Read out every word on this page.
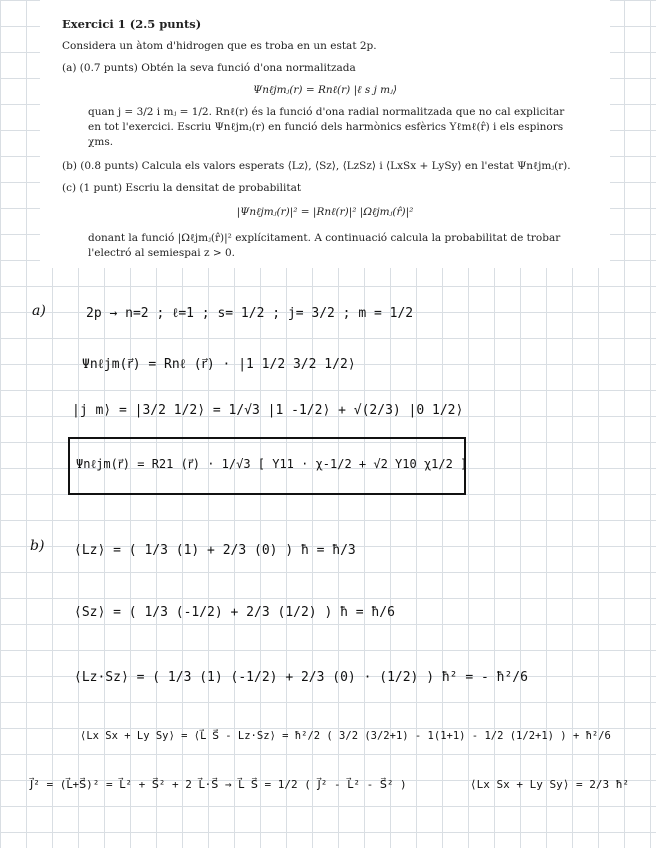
Exercici 1 (2.5 punts)
Considera un àtom d'hidrogen que es troba en un estat 2p.
(a) (0.7 punts) Obtén la seva funció d'ona normalitzada
Ψnℓjmⱼ(r) = Rnℓ(r) |ℓ s j mⱼ⟩
quan j = 3/2 i mⱼ = 1/2. Rnℓ(r) és la funció d'ona radial normalitzada que no cal explicitar
en tot l'exercici. Escriu Ψnℓjmⱼ(r) en funció dels harmònics esfèrics Yℓmℓ(r̂) i els espinors
χms.
(b) (0.8 punts) Calcula els valors esperats ⟨Lz⟩, ⟨Sz⟩, ⟨LzSz⟩ i ⟨LxSx + LySy⟩ en l'estat Ψnℓjmⱼ(r).
(c) (1 punt) Escriu la densitat de probabilitat
|Ψnℓjmⱼ(r)|² = |Rnℓ(r)|² |Ωℓjmⱼ(r̂)|²
donant la funció |Ωℓjmⱼ(r̂)|² explícitament. A continuació calcula la probabilitat de trobar
l'electró al semiespai z > 0.
a)	2p → n=2 ; ℓ=1 ; s= 1/2 ; j= 3/2 ; m = 1/2
Ψnℓjm(r⃗) = Rnℓ (r⃗) · |1 1/2 3/2 1/2⟩
|j m⟩ = |3/2 1/2⟩ = 1/√3 |1 -1/2⟩ + √(2/3) |0 1/2⟩
Ψnℓjm(r⃗) = R21 (r⃗) · 1/√3 [ Y11 · χ-1/2 + √2 Y10 χ1/2 ]
b) ⟨Lz⟩ = ( 1/3 (1) + 2/3 (0) ) ħ = ħ/3
⟨Sz⟩ = ( 1/3 (-1/2) + 2/3 (1/2) ) ħ = ħ/6
⟨Lz·Sz⟩ = ( 1/3 (1) (-1/2) + 2/3 (0) · (1/2) ) ħ² = - ħ²/6
⟨Lx Sx + Ly Sy⟩ = ⟨L⃗ S⃗ - Lz·Sz⟩ = ħ²/2 ( 3/2 (3/2+1) - 1(1+1) - 1/2 (1/2+1) ) + ħ²/6
J⃗² = (L⃗+S⃗)² = L⃗² + S⃗² + 2 L⃗·S⃗ → L⃗ S⃗ = 1/2 ( J⃗² - L⃗² - S⃗² )	⟨Lx Sx + Ly Sy⟩ = 2/3 ħ²
